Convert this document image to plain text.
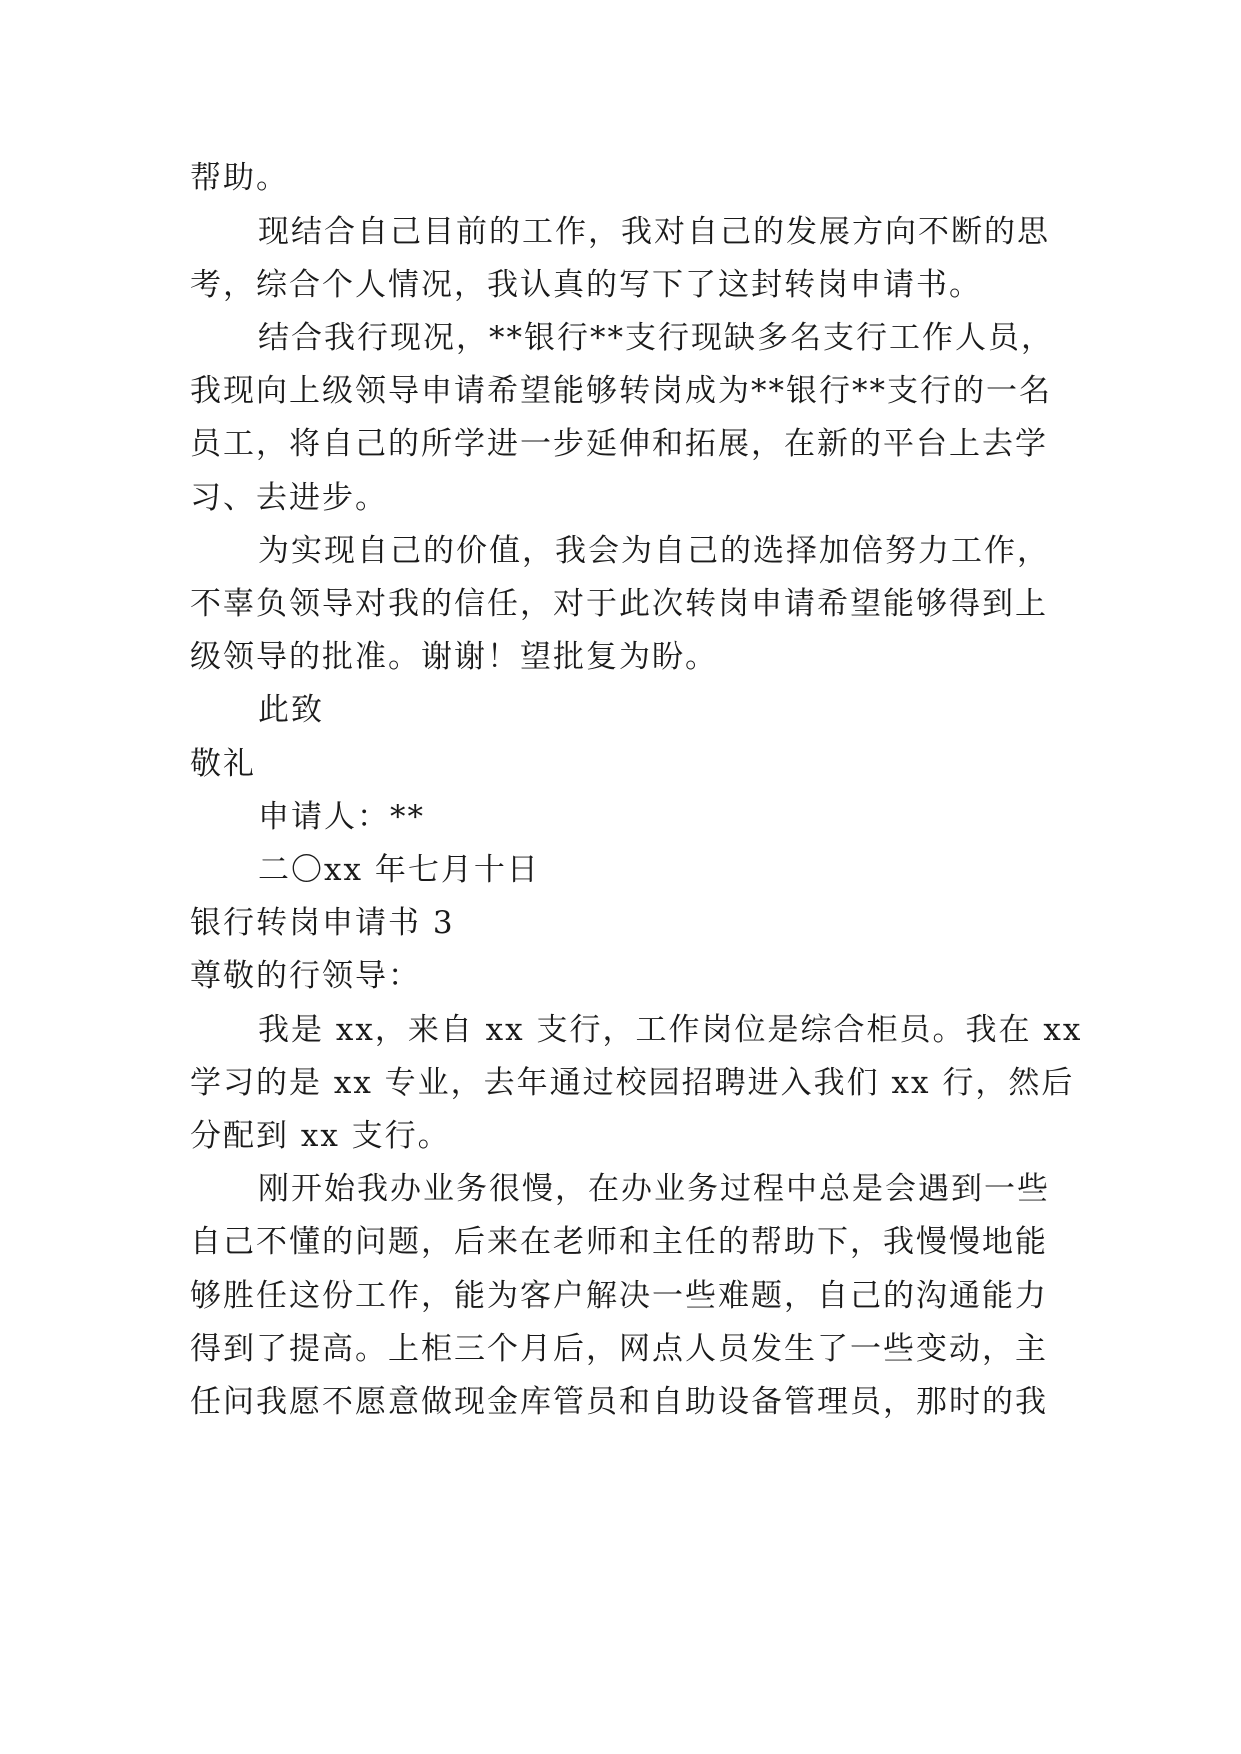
帮助。
现结合自己目前的工作，我对自己的发展方向不断的思
考，综合个人情况，我认真的写下了这封转岗申请书。
结合我行现况，**银行**支行现缺多名支行工作人员，
我现向上级领导申请希望能够转岗成为**银行**支行的一名
员工，将自己的所学进一步延伸和拓展，在新的平台上去学
习、去进步。
为实现自己的价值，我会为自己的选择加倍努力工作，
不辜负领导对我的信任，对于此次转岗申请希望能够得到上
级领导的批准。谢谢！望批复为盼。
此致
敬礼
申请人：**
二〇xx 年七月十日
银行转岗申请书 3
尊敬的行领导：
我是 xx，来自 xx 支行，工作岗位是综合柜员。我在 xx
学习的是 xx 专业，去年通过校园招聘进入我们 xx 行，然后
分配到 xx 支行。
刚开始我办业务很慢，在办业务过程中总是会遇到一些
自己不懂的问题，后来在老师和主任的帮助下，我慢慢地能
够胜任这份工作，能为客户解决一些难题，自己的沟通能力
得到了提高。上柜三个月后，网点人员发生了一些变动，主
任问我愿不愿意做现金库管员和自助设备管理员，那时的我
